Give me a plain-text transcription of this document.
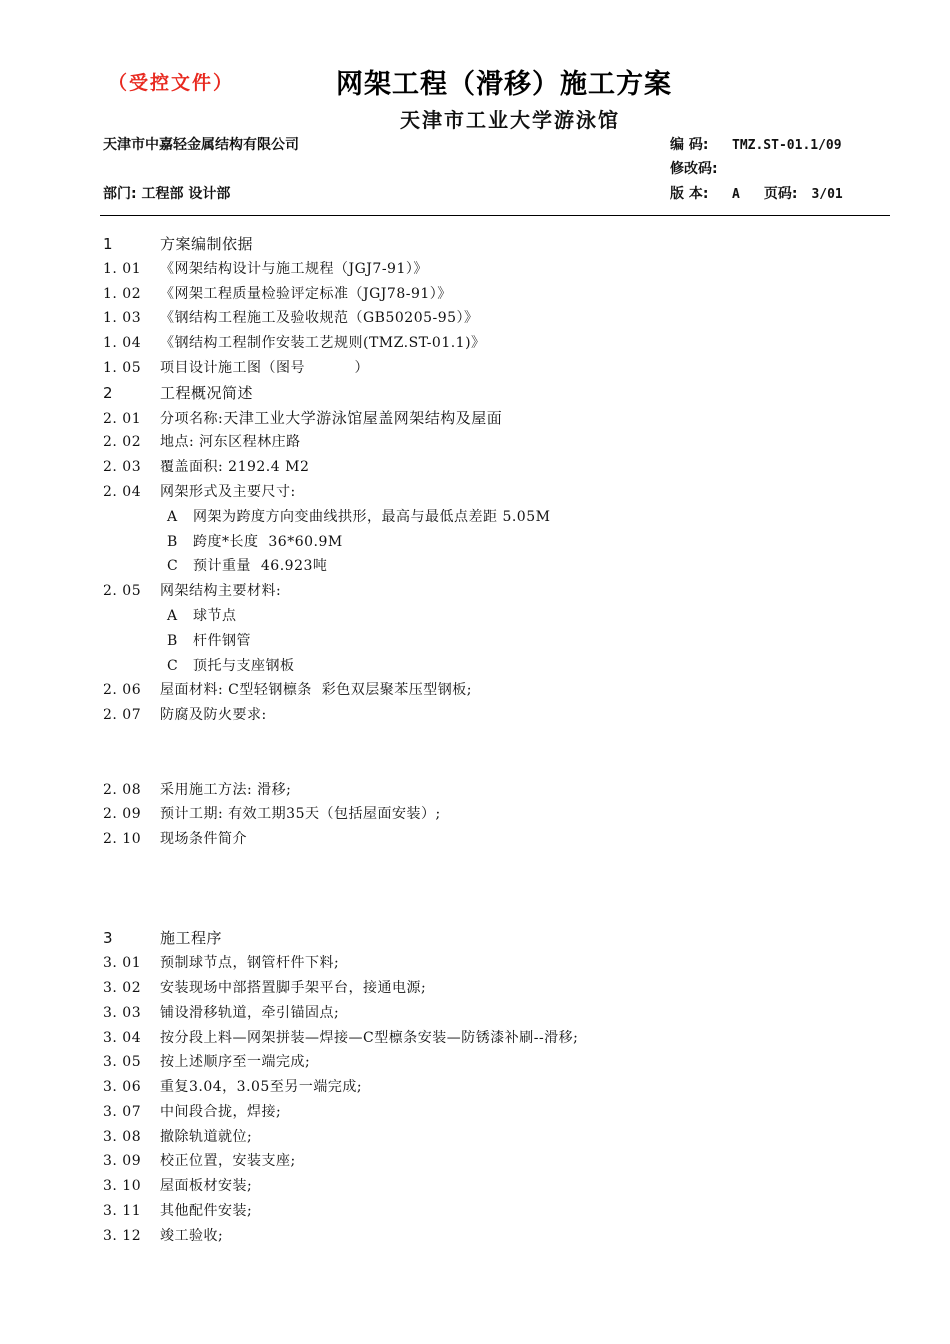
（受控文件）	网架工程（滑移）施工方案
天津市工业大学游泳馆
天津市中嘉轻金属结构有限公司
部门: 工程部 设计部
编 码: TMZ.ST-01.1/09
修改码:
版 本: A 页码: 3/01
1	方案编制依据
1. 01 《网架结构设计与施工规程（JGJ7-91）》
1. 02 《网架工程质量检验评定标准（JGJ78-91）》
1. 03 《钢结构工程施工及验收规范（GB50205-95）》
1. 04 《钢结构工程制作安装工艺规则(TMZ.ST-01.1)》
1. 05 项目设计施工图（图号          ）
2	工程概况简述
2. 01 分项名称:天津工业大学游泳馆屋盖网架结构及屋面
2. 02 地点: 河东区程林庄路
2. 03 覆盖面积: 2192.4 M2
2. 04 网架形式及主要尺寸:
A 网架为跨度方向变曲线拱形，最高与最低点差距 5.05M
B 跨度*长度  36*60.9M
C 预计重量  46.923吨
2. 05 网架结构主要材料:
A 球节点
B 杆件钢管
C 顶托与支座钢板
2. 06 屋面材料: C型轻钢檩条  彩色双层聚苯压型钢板;
2. 07 防腐及防火要求:
2. 08 采用施工方法: 滑移;
2. 09 预计工期: 有效工期35天（包括屋面安装）;
2. 10 现场条件简介
3	施工程序
3. 01 预制球节点，钢管杆件下料;
3. 02 安装现场中部搭置脚手架平台，接通电源;
3. 03 铺设滑移轨道，牵引锚固点;
3. 04 按分段上料—网架拼装—焊接—C型檩条安装—防锈漆补刷--滑移;
3. 05 按上述顺序至一端完成;
3. 06 重复3.04，3.05至另一端完成;
3. 07 中间段合拢，焊接;
3. 08 撤除轨道就位;
3. 09 校正位置，安装支座;
3. 10 屋面板材安装;
3. 11 其他配件安装;
3. 12 竣工验收;
